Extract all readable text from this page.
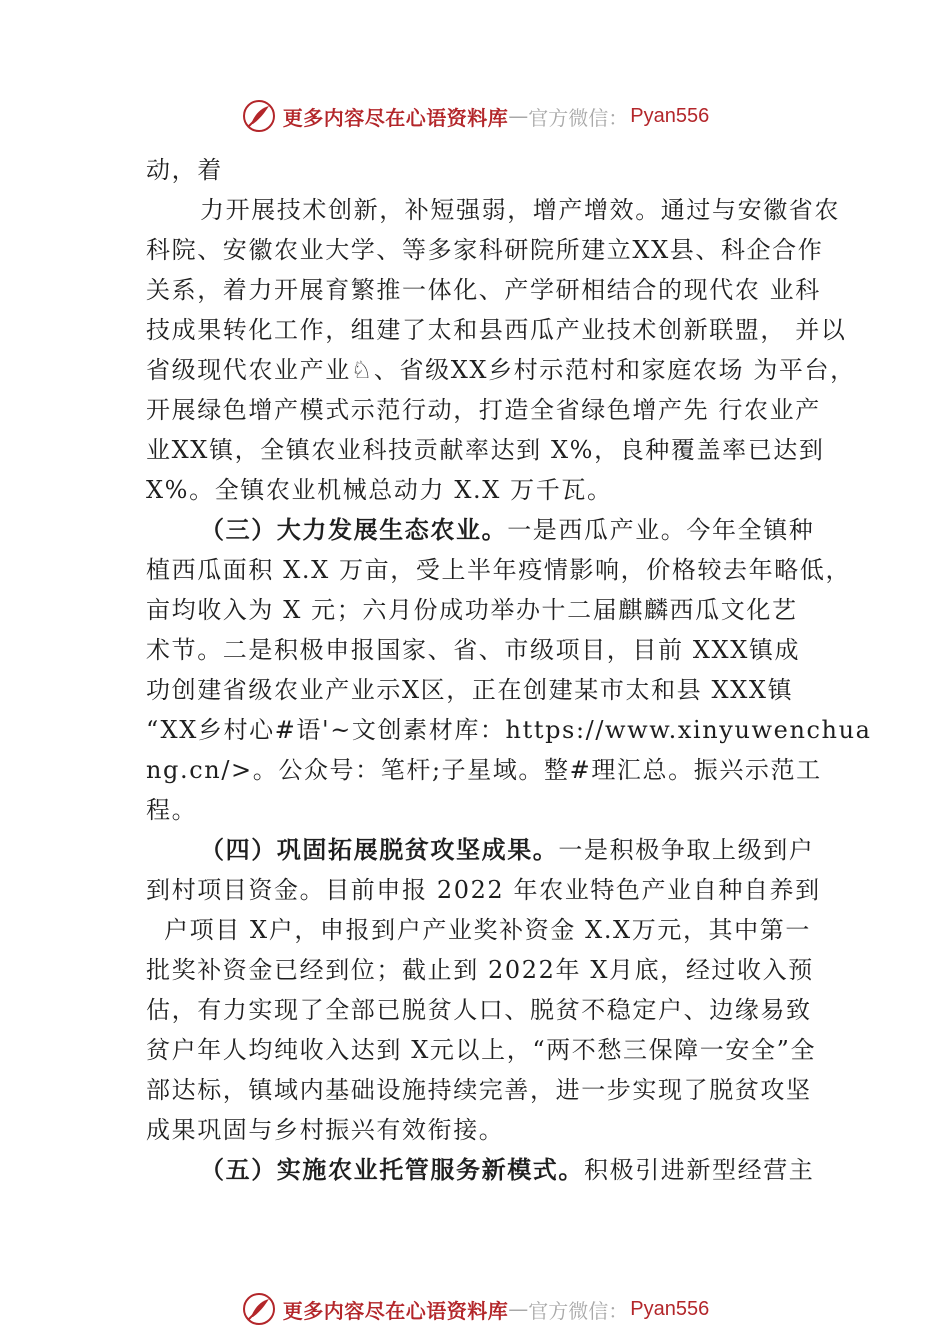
更多内容尽在心语资料库 — 官方微信： Pyan556
动，着
力开展技术创新，补短强弱，增产增效。通过与安徽省农
科院、安徽农业大学、等多家科研院所建立XX县、科企合作
关系，着力开展育繁推一体化、产学研相结合的现代农 业科
技成果转化工作，组建了太和县西瓜产业技术创新联盟， 并以
省级现代农业产业♘、省级XX乡村示范村和家庭农场 为平台，
开展绿色增产模式示范行动，打造全省绿色增产先 行农业产
业XX镇，全镇农业科技贡献率达到 X%，良种覆盖率已达到
X%。全镇农业机械总动力 X.X 万千瓦。
（三）大力发展生态农业。一是西瓜产业。今年全镇种
植西瓜面积 X.X 万亩，受上半年疫情影响，价格较去年略低，
亩均收入为 X 元；六月份成功举办十二届麒麟西瓜文化艺
术节。二是积极申报国家、省、市级项目，目前 XXX镇成
功创建省级农业产业示X区，正在创建某市太和县 XXX镇
“XX乡村心#语'~文创素材库：https://www.xinyuwenchua
ng.cn/>。公众号：笔杆;子星域。整#理汇总。振兴示范工
程。
（四）巩固拓展脱贫攻坚成果。一是积极争取上级到户
到村项目资金。目前申报 2022 年农业特色产业自种自养到
户项目 X户，申报到户产业奖补资金 X.X万元，其中第一
批奖补资金已经到位；截止到 2022年 X月底，经过收入预
估，有力实现了全部已脱贫人口、脱贫不稳定户、边缘易致
贫户年人均纯收入达到 X元以上，“两不愁三保障一安全”全
部达标，镇域内基础设施持续完善，进一步实现了脱贫攻坚
成果巩固与乡村振兴有效衔接。
（五）实施农业托管服务新模式。积极引进新型经营主
更多内容尽在心语资料库 — 官方微信： Pyan556
